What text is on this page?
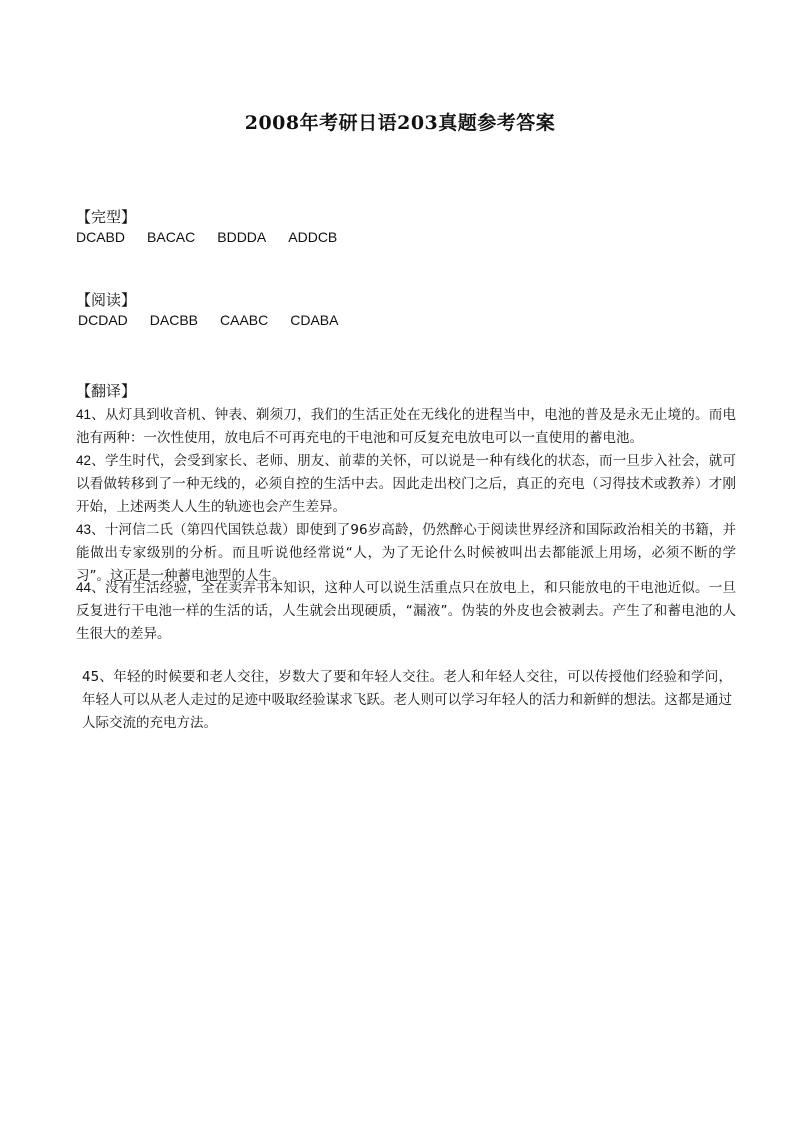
2008年考研日语203真题参考答案
【完型】
DCABD BACAC BDDDA ADDCB
【阅读】
DCDAD DACBB CAABC CDABA
【翻译】
41、从灯具到收音机、钟表、剃须刀，我们的生活正处在无线化的进程当中，电池的普及是永无止境的。而电池有两种：一次性使用，放电后不可再充电的干电池和可反复充电放电可以一直使用的蓄电池。
42、学生时代，会受到家长、老师、朋友、前辈的关怀，可以说是一种有线化的状态，而一旦步入社会，就可以看做转移到了一种无线的，必须自控的生活中去。因此走出校门之后，真正的充电（习得技术或教养）才刚开始，上述两类人人生的轨迹也会产生差异。
43、十河信二氏（第四代国铁总裁）即使到了96岁高龄，仍然醉心于阅读世界经济和国际政治相关的书籍，并能做出专家级别的分析。而且听说他经常说“人，为了无论什么时候被叫出去都能派上用场，必须不断的学习”。这正是一种蓄电池型的人生。
44、没有生活经验，全在卖弄书本知识，这种人可以说生活重点只在放电上，和只能放电的干电池近似。一旦反复进行干电池一样的生活的话，人生就会出现硬质，“漏液”。伪装的外皮也会被剥去。产生了和蓄电池的人生很大的差异。
45、年轻的时候要和老人交往，岁数大了要和年轻人交往。老人和年轻人交往，可以传授他们经验和学问，年轻人可以从老人走过的足迹中吸取经验谋求飞跃。老人则可以学习年轻人的活力和新鲜的想法。这都是通过人际交流的充电方法。
